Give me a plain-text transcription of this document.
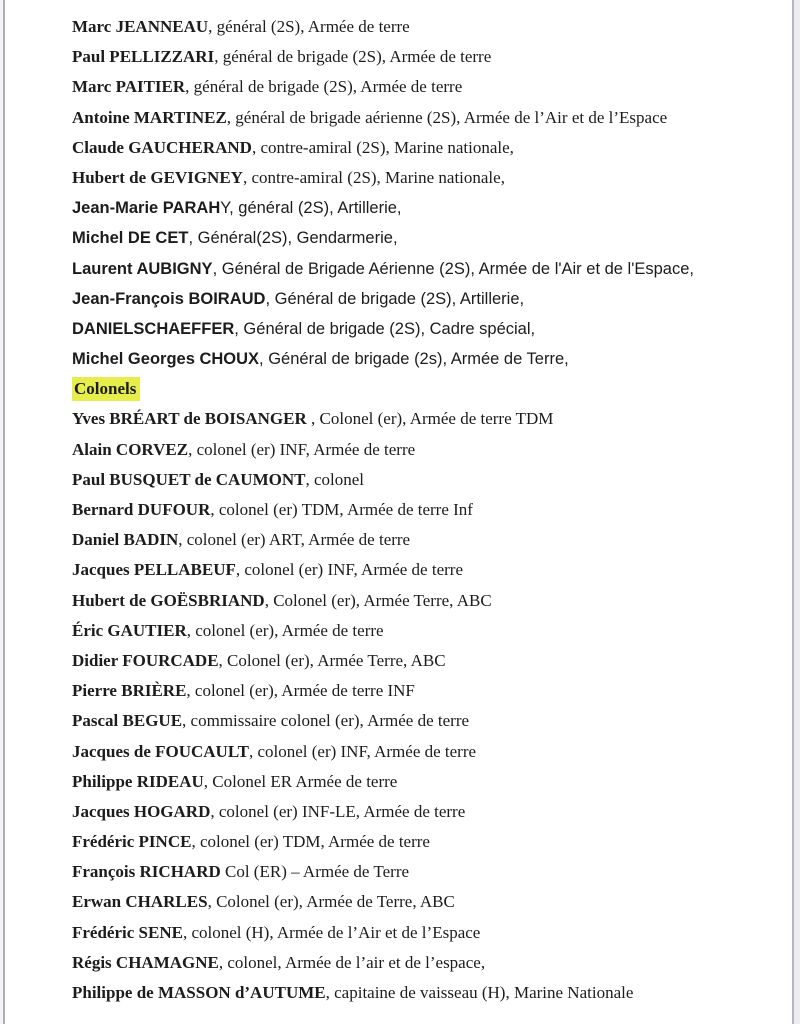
Marc JEANNEAU, général (2S), Armée de terre

Paul PELLIZZARI, général de brigade (2S), Armée de terre

Marc PAITIER, général de brigade (2S), Armée de terre

Antoine MARTINEZ, général de brigade aérienne (2S), Armée de l’Air et de l’Espace

Claude GAUCHERAND, contre-amiral (2S), Marine nationale,

Hubert de GEVIGNEY, contre-amiral (2S), Marine nationale,

Jean-Marie PARAHY, général (2S), Artillerie,

Michel DE CET, Général(2S), Gendarmerie,

Laurent AUBIGNY, Général de Brigade Aérienne (2S), Armée de l'Air et de l'Espace,

Jean-François BOIRAUD, Général de brigade (2S), Artillerie,

DANIELSCHAEFFER, Général de brigade (2S), Cadre spécial,

Michel Georges CHOUX, Général de brigade (2s), Armée de Terre,

Colonels

Yves BRÉART de BOISANGER , Colonel (er), Armée de terre TDM

Alain CORVEZ, colonel (er) INF, Armée de terre

Paul BUSQUET de CAUMONT, colonel

Bernard DUFOUR, colonel (er) TDM, Armée de terre Inf

Daniel BADIN, colonel (er) ART, Armée de terre

Jacques PELLABEUF, colonel (er) INF, Armée de terre

Hubert de GOËSBRIAND, Colonel (er), Armée Terre, ABC

Éric GAUTIER, colonel (er), Armée de terre

Didier FOURCADE, Colonel (er), Armée Terre, ABC

Pierre BRIÈRE, colonel (er), Armée de terre INF

Pascal BEGUE, commissaire colonel (er), Armée de terre

Jacques de FOUCAULT, colonel (er) INF, Armée de terre

Philippe RIDEAU, Colonel ER Armée de terre

Jacques HOGARD, colonel (er) INF-LE, Armée de terre

Frédéric PINCE, colonel (er) TDM, Armée de terre

François RICHARD Col (ER) – Armée de Terre

Erwan CHARLES, Colonel (er), Armée de Terre, ABC

Frédéric SENE, colonel (H), Armée de l’Air et de l’Espace

Régis CHAMAGNE, colonel, Armée de l’air et de l’espace,

Philippe de MASSON d’AUTUME, capitaine de vaisseau (H), Marine Nationale
